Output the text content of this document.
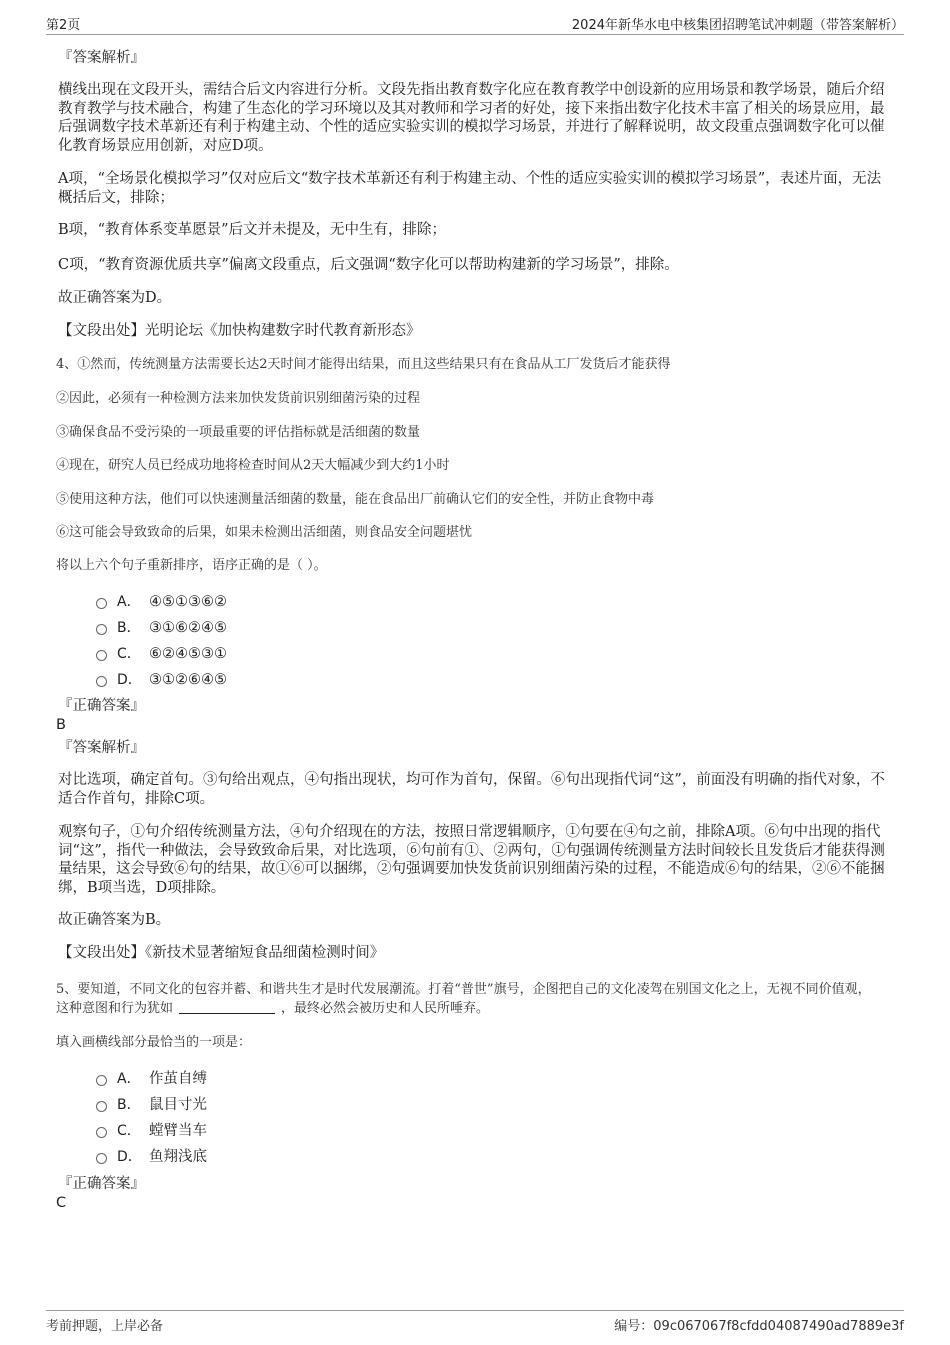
第2页	2024年新华水电中核集团招聘笔试冲刺题（带答案解析）
『答案解析』
横线出现在文段开头，需结合后文内容进行分析。文段先指出教育数字化应在教育教学中创设新的应用场景和教学场景，随后介绍教育教学与技术融合，构建了生态化的学习环境以及其对教师和学习者的好处，接下来指出数字化技术丰富了相关的场景应用，最后强调数字技术革新还有利于构建主动、个性的适应实验实训的模拟学习场景，并进行了解释说明，故文段重点强调数字化可以催化教育场景应用创新，对应D项。
A项，“全场景化模拟学习”仅对应后文“数字技术革新还有利于构建主动、个性的适应实验实训的模拟学习场景”，表述片面，无法概括后文，排除；
B项，“教育体系变革愿景”后文并未提及，无中生有，排除；
C项，“教育资源优质共享”偏离文段重点，后文强调“数字化可以帮助构建新的学习场景”，排除。
故正确答案为D。
【文段出处】光明论坛《加快构建数字时代教育新形态》
4、①然而，传统测量方法需要长达2天时间才能得出结果，而且这些结果只有在食品从工厂发货后才能获得
②因此，必须有一种检测方法来加快发货前识别细菌污染的过程
③确保食品不受污染的一项最重要的评估指标就是活细菌的数量
④现在，研究人员已经成功地将检查时间从2天大幅减少到大约1小时
⑤使用这种方法，他们可以快速测量活细菌的数量，能在食品出厂前确认它们的安全性，并防止食物中毒
⑥这可能会导致致命的后果，如果未检测出活细菌，则食品安全问题堪忧
将以上六个句子重新排序，语序正确的是（ ）。
A． ④⑤①③⑥②
B． ③①⑥②④⑤
C． ⑥②④⑤③①
D． ③①②⑥④⑤
『正确答案』
B
『答案解析』
对比选项，确定首句。③句给出观点，④句指出现状，均可作为首句，保留。⑥句出现指代词“这”，前面没有明确的指代对象，不适合作首句，排除C项。
观察句子，①句介绍传统测量方法，④句介绍现在的方法，按照日常逻辑顺序，①句要在④句之前，排除A项。⑥句中出现的指代词“这”，指代一种做法，会导致致命后果，对比选项，⑥句前有①、②两句，①句强调传统测量方法时间较长且发货后才能获得测量结果，这会导致⑥句的结果，故①⑥可以捆绑，②句强调要加快发货前识别细菌污染的过程，不能造成⑥句的结果，②⑥不能捆绑，B项当选，D项排除。
故正确答案为B。
【文段出处】《新技术显著缩短食品细菌检测时间》
5、要知道，不同文化的包容并蓄、和谐共生才是时代发展潮流。打着“普世”旗号，企图把自己的文化凌驾在别国文化之上，无视不同价值观，
这种意图和行为犹如	，最终必然会被历史和人民所唾弃。
填入画横线部分最恰当的一项是：
A． 作茧自缚
B． 鼠目寸光
C． 螳臂当车
D． 鱼翔浅底
『正确答案』
C
考前押题，上岸必备	编号：09c067067f8cfdd04087490ad7889e3f
